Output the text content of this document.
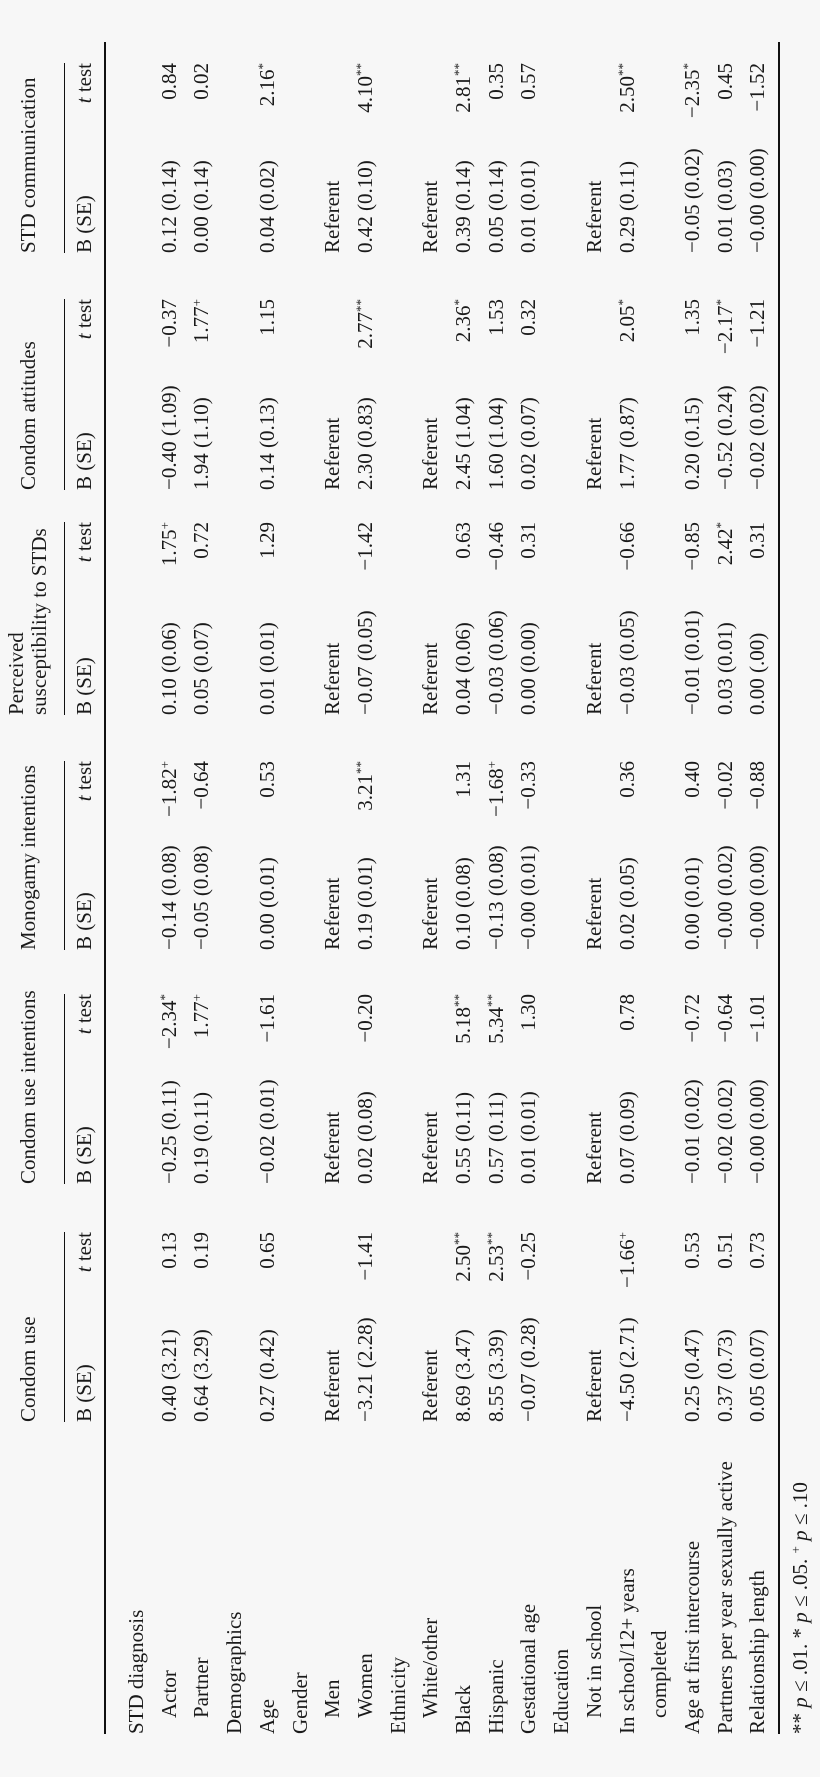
Condom use
Condom use intentions
Monogamy intentions
Perceived susceptibility to STDs
Condom attitudes
STD communication
B (SE)
t test
B (SE)
t test
B (SE)
t test
B (SE)
t test
B (SE)
t test
B (SE)
t test
STD diagnosis																		
Actor	0.40 (3.21)	0.13		−0.25 (0.11)	−2.34*		−0.14 (0.08)	−1.82+		0.10 (0.06)	1.75+		−0.40 (1.09)	−0.37		0.12 (0.14)	0.84	
Partner	0.64 (3.29)	0.19		0.19 (0.11)	1.77+		−0.05 (0.08)	−0.64		0.05 (0.07)	0.72		1.94 (1.10)	1.77+		0.00 (0.14)	0.02	
Demographics																		
Age	0.27 (0.42)	0.65		−0.02 (0.01)	−1.61		0.00 (0.01)	0.53		0.01 (0.01)	1.29		0.14 (0.13)	1.15		0.04 (0.02)	2.16*	
Gender																		
Men	Referent			Referent			Referent			Referent			Referent			Referent		
Women	−3.21 (2.28)	−1.41		0.02 (0.08)	−0.20		0.19 (0.01)	3.21**		−0.07 (0.05)	−1.42		2.30 (0.83)	2.77**		0.42 (0.10)	4.10**	
Ethnicity																		
White/other	Referent			Referent			Referent			Referent			Referent			Referent		
Black	8.69 (3.47)	2.50**		0.55 (0.11)	5.18**		0.10 (0.08)	1.31		0.04 (0.06)	0.63		2.45 (1.04)	2.36*		0.39 (0.14)	2.81**	
Hispanic	8.55 (3.39)	2.53**		0.57 (0.11)	5.34**		−0.13 (0.08)	−1.68+		−0.03 (0.06)	−0.46		1.60 (1.04)	1.53		0.05 (0.14)	0.35	
Gestational age	−0.07 (0.28)	−0.25		0.01 (0.01)	1.30		−0.00 (0.01)	−0.33		0.00 (0.00)	0.31		0.02 (0.07)	0.32		0.01 (0.01)	0.57	
Education																		
Not in school	Referent			Referent			Referent			Referent			Referent			Referent		
In school/12+ years completed	−4.50 (2.71)	−1.66+		0.07 (0.09)	0.78		0.02 (0.05)	0.36		−0.03 (0.05)	−0.66		1.77 (0.87)	2.05*		0.29 (0.11)	2.50**	
Age at first intercourse	0.25 (0.47)	0.53		−0.01 (0.02)	−0.72		0.00 (0.01)	0.40		−0.01 (0.01)	−0.85		0.20 (0.15)	1.35		−0.05 (0.02)	−2.35*	
Partners per year sexually active	0.37 (0.73)	0.51		−0.02 (0.02)	−0.64		−0.00 (0.02)	−0.02		0.03 (0.01)	2.42*		−0.52 (0.24)	−2.17*		0.01 (0.03)	0.45	
Relationship length	0.05 (0.07)	0.73		−0.00 (0.00)	−1.01		−0.00 (0.00)	−0.88		0.00 (.00)	0.31		−0.02 (0.02)	−1.21		−0.00 (0.00)	−1.52	
** p ≤ .01. * p ≤ .05. + p ≤ .10
